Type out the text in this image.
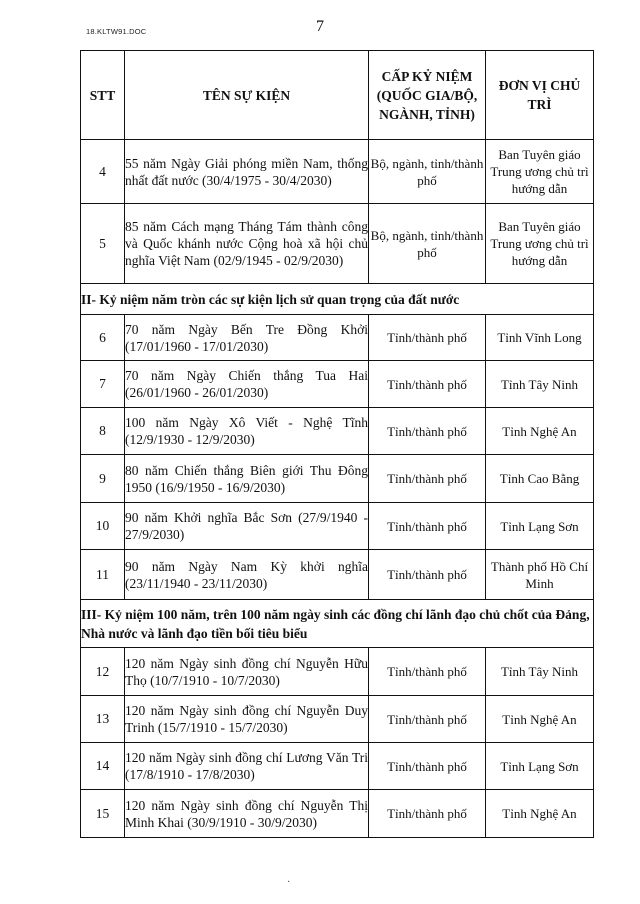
18.KLTW91.DOC	7
STT	TÊN SỰ KIỆN	CẤP KỶ NIỆM (QUỐC GIA/BỘ, NGÀNH, TỈNH)	ĐƠN VỊ CHỦ TRÌ
4	55 năm Ngày Giải phóng miền Nam, thống nhất đất nước (30/4/1975 - 30/4/2030)	Bộ, ngành, tỉnh/thành phố	Ban Tuyên giáo Trung ương chủ trì hướng dẫn
5	85 năm Cách mạng Tháng Tám thành công và Quốc khánh nước Cộng hoà xã hội chủ nghĩa Việt Nam (02/9/1945 - 02/9/2030)	Bộ, ngành, tỉnh/thành phố	Ban Tuyên giáo Trung ương chủ trì hướng dẫn
II- Kỷ niệm năm tròn các sự kiện lịch sử quan trọng của đất nước			
6	70 năm Ngày Bến Tre Đồng Khởi (17/01/1960 - 17/01/2030)	Tỉnh/thành phố	Tỉnh Vĩnh Long
7	70 năm Ngày Chiến thắng Tua Hai (26/01/1960 - 26/01/2030)	Tỉnh/thành phố	Tỉnh Tây Ninh
8	100 năm Ngày Xô Viết - Nghệ Tĩnh (12/9/1930 - 12/9/2030)	Tỉnh/thành phố	Tỉnh Nghệ An
9	80 năm Chiến thắng Biên giới Thu Đông 1950 (16/9/1950 - 16/9/2030)	Tỉnh/thành phố	Tỉnh Cao Bằng
10	90 năm Khởi nghĩa Bắc Sơn (27/9/1940 - 27/9/2030)	Tỉnh/thành phố	Tỉnh Lạng Sơn
11	90 năm Ngày Nam Kỳ khởi nghĩa (23/11/1940 - 23/11/2030)	Tỉnh/thành phố	Thành phố Hồ Chí Minh
III- Kỷ niệm 100 năm, trên 100 năm ngày sinh các đồng chí lãnh đạo chủ chốt của Đảng, Nhà nước và lãnh đạo tiền bối tiêu biểu			
12	120 năm Ngày sinh đồng chí Nguyễn Hữu Thọ (10/7/1910 - 10/7/2030)	Tỉnh/thành phố	Tỉnh Tây Ninh
13	120 năm Ngày sinh đồng chí Nguyễn Duy Trinh (15/7/1910 - 15/7/2030)	Tỉnh/thành phố	Tỉnh Nghệ An
14	120 năm Ngày sinh đồng chí Lương Văn Tri (17/8/1910 - 17/8/2030)	Tỉnh/thành phố	Tỉnh Lạng Sơn
15	120 năm Ngày sinh đồng chí Nguyễn Thị Minh Khai (30/9/1910 - 30/9/2030)	Tỉnh/thành phố	Tỉnh Nghệ An
·
